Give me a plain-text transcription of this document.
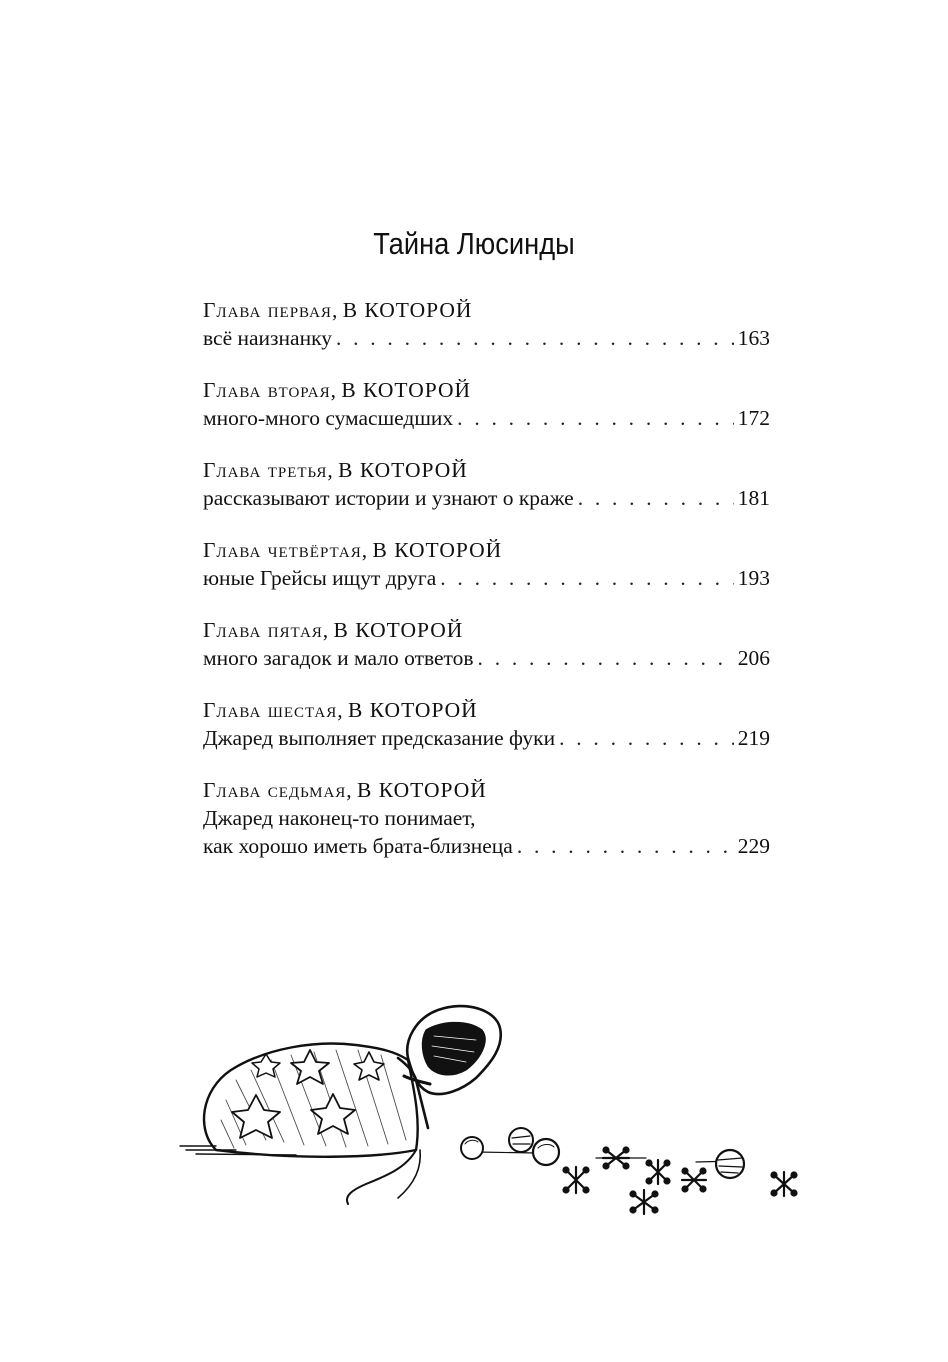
Тайна Люсинды
Глава первая, В КОТОРОЙ
всё наизнанку . . .	163
Глава вторая, В КОТОРОЙ
много-много сумасшедших . . .	172
Глава третья, В КОТОРОЙ
рассказывают истории и узнают о краже . . .	181
Глава четвёртая, В КОТОРОЙ
юные Грейсы ищут друга . . .	193
Глава пятая, В КОТОРОЙ
много загадок и мало ответов . . .	206
Глава шестая, В КОТОРОЙ
Джаред выполняет предсказание фуки . . .	219
Глава седьмая, В КОТОРОЙ
Джаред наконец-то понимает,
как хорошо иметь брата-близнеца . . .	229
